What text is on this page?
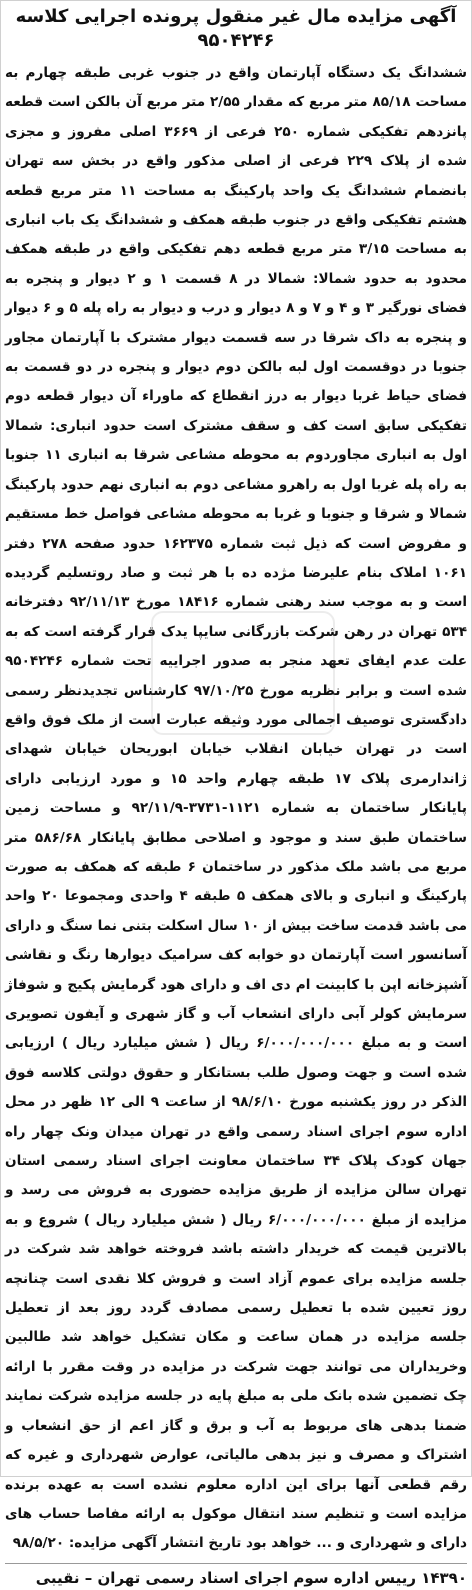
آگهی مزایده مال غیر منقول پرونده اجرایی کلاسه
۹۵۰۴۲۴۶

ششدانگ یک دستگاه آپارتمان واقع در جنوب غربی طبقه چهارم به مساحت ۸۵/۱۸ متر مربع که مقدار ۲/۵۵ متر مربع آن بالکن است قطعه پانزدهم تفکیکی شماره ۲۵۰ فرعی از ۳۶۶۹ اصلی مفروز و مجزی شده از پلاک ۲۲۹ فرعی از اصلی مذکور واقع در بخش سه تهران بانضمام ششدانگ یک واحد پارکینگ به مساحت ۱۱ متر مربع قطعه هشتم تفکیکی واقع در جنوب طبقه همکف و ششدانگ یک باب انباری به مساحت ۳/۱۵ متر مربع قطعه دهم تفکیکی واقع در طبقه همکف محدود به حدود شمالا: شمالا در ۸ قسمت ۱ و ۲ دیوار و پنجره به فضای نورگیر ۳ و ۴ و ۷ و ۸ دیوار و درب و دیوار به راه پله ۵ و ۶ دیوار و پنجره به داک شرقا در سه قسمت دیوار مشترک با آپارتمان مجاور جنوبا در دوقسمت اول لبه بالکن دوم دیوار و پنجره در دو قسمت به فضای حیاط غربا دیوار به درز انقطاع که ماوراء آن دیوار قطعه دوم تفکیکی سابق است کف و سقف مشترک است حدود انباری: شمالا اول به انباری مجاوردوم به محوطه مشاعی شرقا به انباری ۱۱ جنوبا به راه پله غربا اول به راهرو مشاعی دوم به انباری نهم حدود پارکینگ شمالا و شرقا و جنوبا و غربا به محوطه مشاعی فواصل خط مستقیم و مفروض است که ذیل ثبت شماره ۱۶۲۳۷۵ حدود صفحه ۲۷۸ دفتر ۱۰۶۱ املاک بنام علیرضا مژده ده با هر ثبت و صاد روتسلیم گردیده است و به موجب سند رهنی شماره ۱۸۴۱۶ مورخ ۹۲/۱۱/۱۳ دفترخانه ۵۳۴ تهران در رهن شرکت بازرگانی سایپا یدک قرار گرفته است که به علت عدم ایفای تعهد منجر به صدور اجراییه تحت شماره ۹۵۰۴۲۴۶ شده است و برابر نظریه مورخ ۹۷/۱۰/۲۵ کارشناس تجدیدنظر رسمی دادگستری توصیف اجمالی مورد وثیقه عبارت است از ملک فوق واقع است در تهران خیابان انقلاب خیابان ابوریحان خیابان شهدای ژاندارمری پلاک ۱۷ طبقه چهارم واحد ۱۵ و مورد ارزیابی دارای پایانکار ساختمان به شماره ۱۱۲۱-۳۷۳۱-۹۲/۱۱/۹ و مساحت زمین ساختمان طبق سند و موجود و اصلاحی مطابق پایانکار ۵۸۶/۶۸ متر مربع می باشد ملک مذکور در ساختمان ۶ طبقه که همکف به صورت پارکینگ و انباری و بالای همکف ۵ طبقه ۴ واحدی ومجموعا ۲۰ واحد می باشد قدمت ساخت بیش از ۱۰ سال اسکلت بتنی نما سنگ و دارای آسانسور است آپارتمان دو خوابه کف سرامیک دیوارها رنگ و نقاشی آشپزخانه اپن با کابینت ام دی اف و دارای هود گرمایش پکیج و شوفاژ سرمایش کولر آبی دارای انشعاب آب و گاز شهری و آیفون تصویری است و به مبلغ ۶/۰۰۰/۰۰۰/۰۰۰ ریال ( شش میلیارد ریال ) ارزیابی شده است و جهت وصول طلب بستانکار و حقوق دولتی کلاسه فوق الذکر در روز یکشنبه مورخ ۹۸/۶/۱۰ از ساعت ۹ الی ۱۲ ظهر در محل اداره سوم اجرای اسناد رسمی واقع در تهران میدان ونک چهار راه جهان کودک پلاک ۳۴ ساختمان معاونت اجرای اسناد رسمی استان تهران سالن مزایده از طریق مزایده حضوری به فروش می رسد و مزایده از مبلغ ۶/۰۰۰/۰۰۰/۰۰۰ ریال ( شش میلیارد ریال ) شروع و به بالاترین قیمت که خریدار داشته باشد فروخته خواهد شد شرکت در جلسه مزایده برای عموم آزاد است و فروش کلا نقدی است چنانچه روز تعیین شده با تعطیل رسمی مصادف گردد روز بعد از تعطیل جلسه مزایده در همان ساعت و مکان تشکیل خواهد شد طالبین وخریداران می توانند جهت شرکت در مزایده در وقت مقرر با ارائه چک تضمین شده بانک ملی به مبلغ پایه در جلسه مزایده شرکت نمایند ضمنا بدهی های مربوط به آب و برق و گاز اعم از حق انشعاب و اشتراک و مصرف و نیز بدهی مالیاتی، عوارض شهرداری و غیره که رقم قطعی آنها برای این اداره معلوم نشده است به عهده برنده مزایده است و تنظیم سند انتقال موکول به ارائه مفاصا حساب های دارای و شهرداری و ... خواهد بود تاریخ انتشار آگهی مزایده: ۹۸/۵/۲۰

۱۴۳۹۰ رییس اداره سوم اجرای اسناد رسمی تهران – نقیبی
